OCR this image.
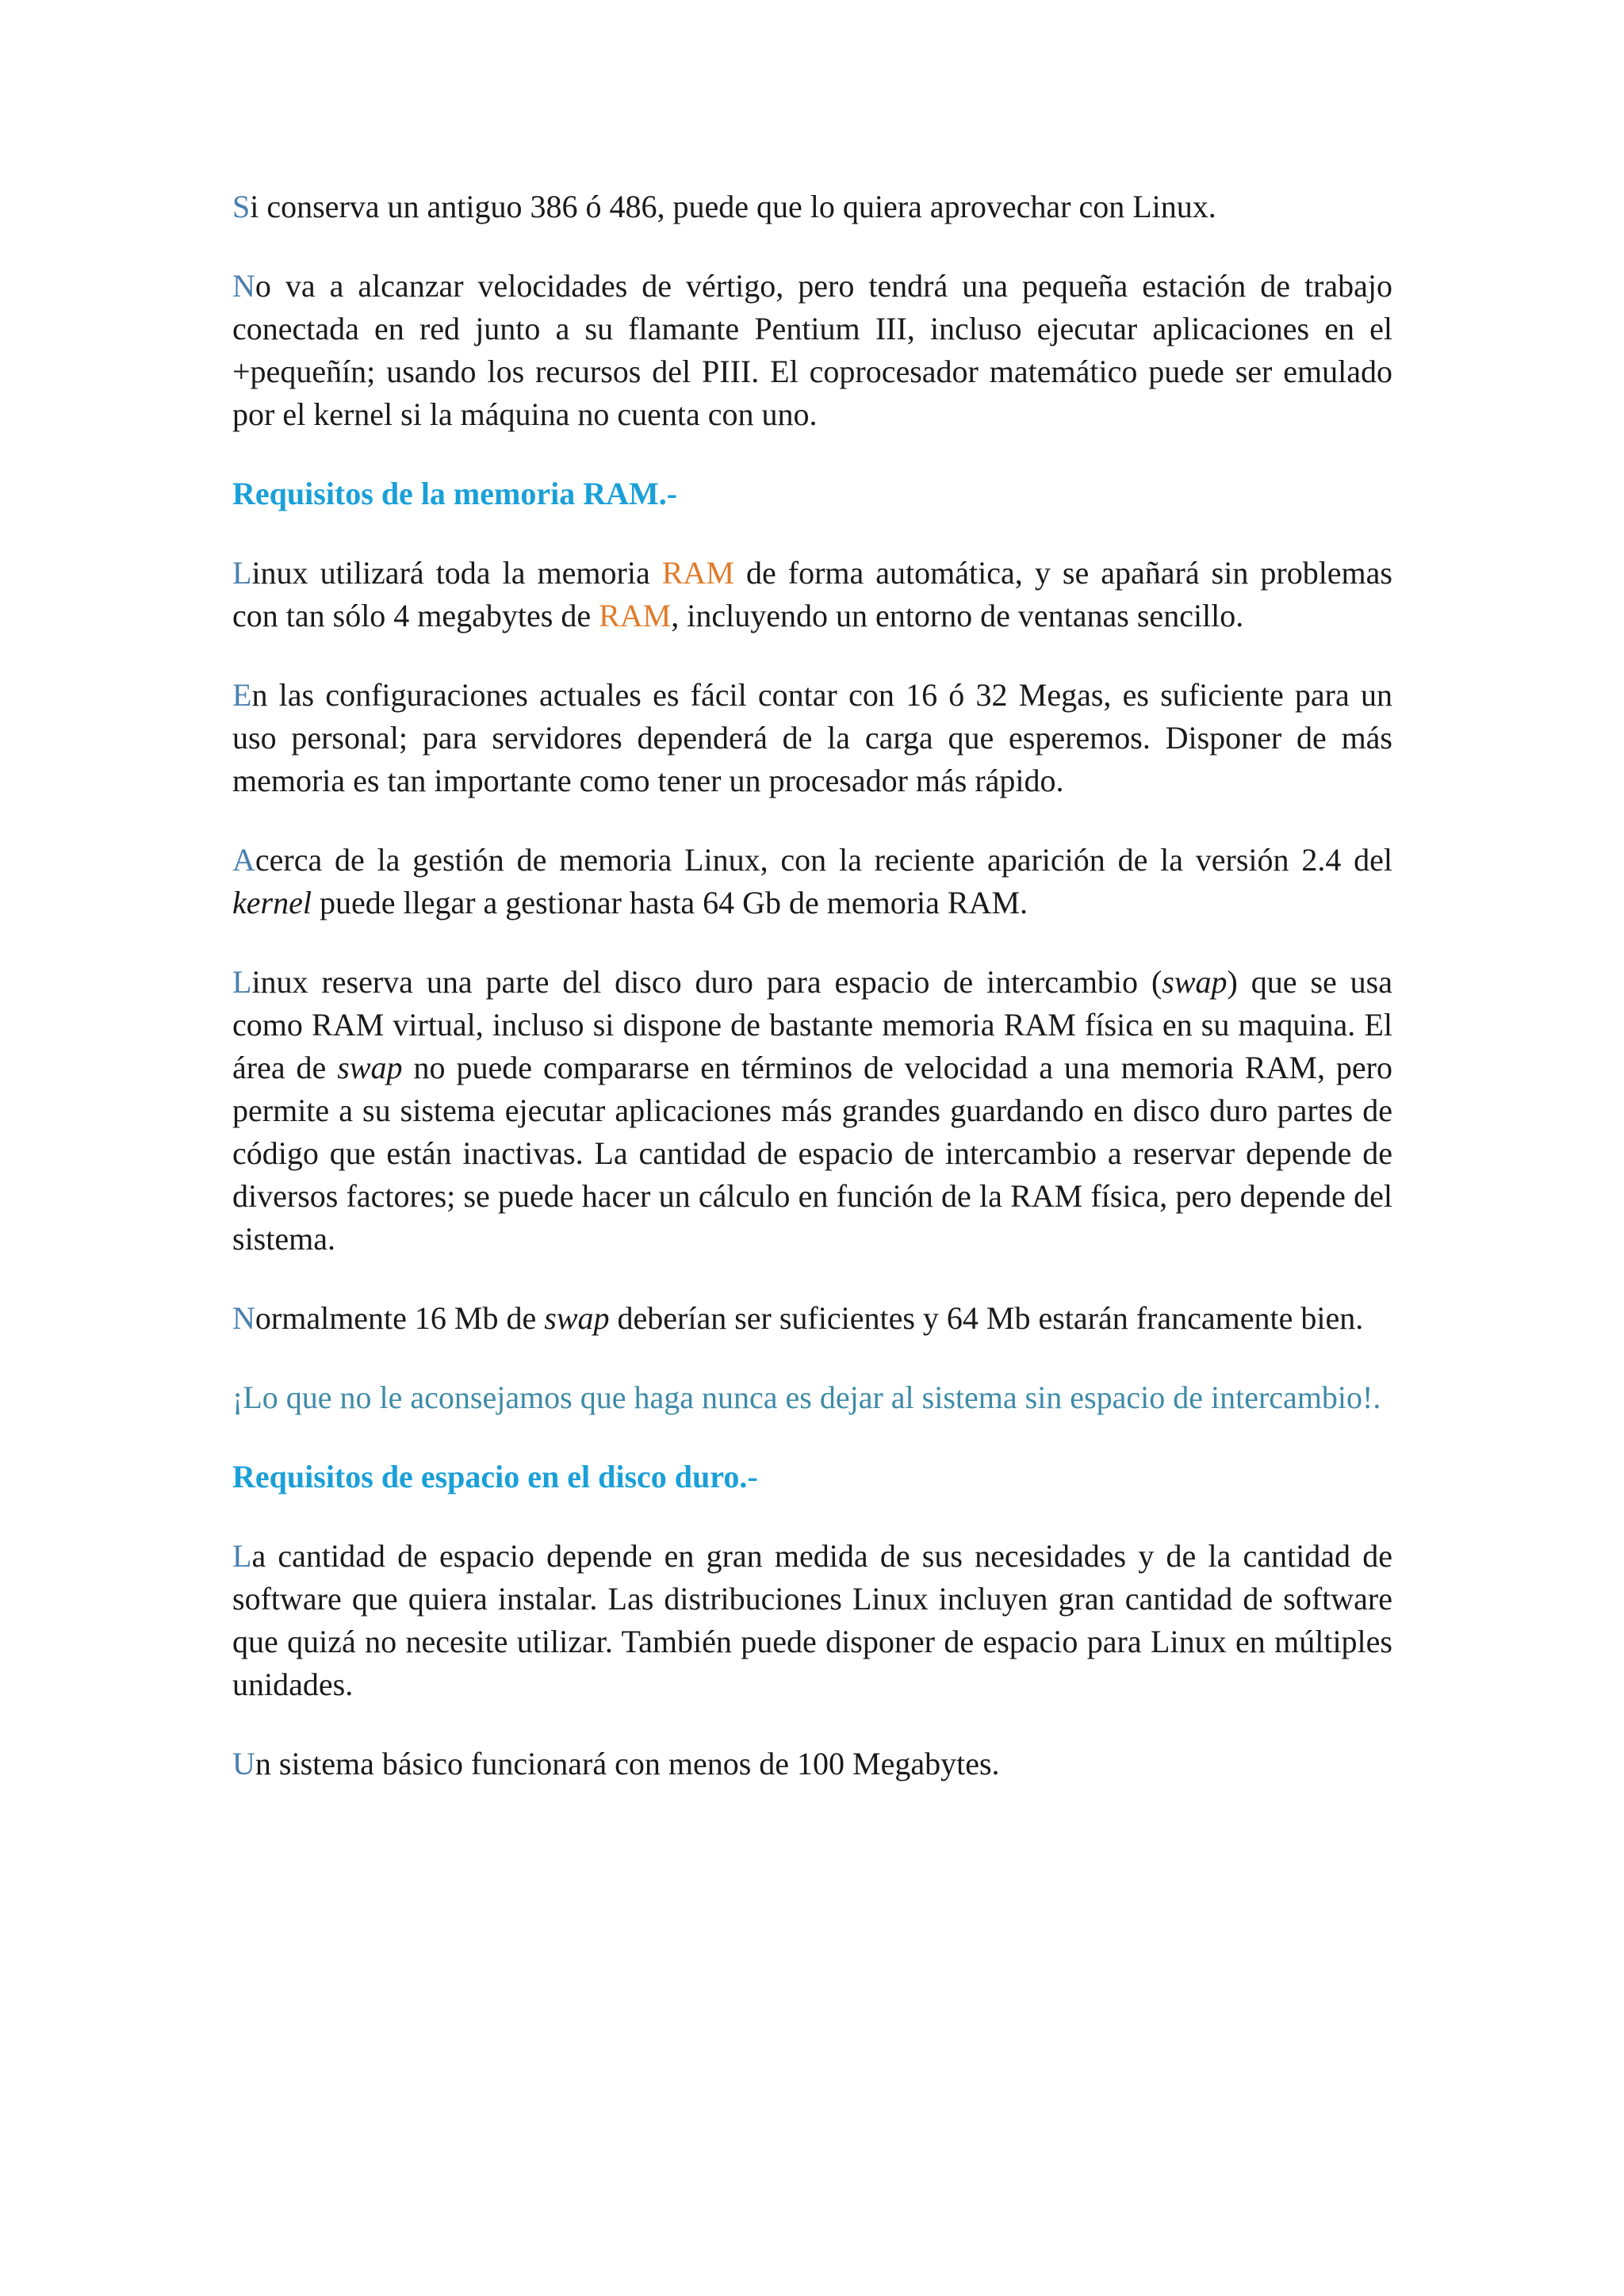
Si conserva un antiguo 386 ó 486, puede que lo quiera aprovechar con Linux.

No va a alcanzar velocidades de vértigo, pero tendrá una pequeña estación de trabajo conectada en red junto a su flamante Pentium III, incluso ejecutar aplicaciones en el +pequeñín; usando los recursos del PIII. El coprocesador matemático puede ser emulado por el kernel si la máquina no cuenta con uno.

Requisitos de la memoria RAM.-

Linux utilizará toda la memoria RAM de forma automática, y se apañará sin problemas con tan sólo 4 megabytes de RAM, incluyendo un entorno de ventanas sencillo.

En las configuraciones actuales es fácil contar con 16 ó 32 Megas, es suficiente para un uso personal; para servidores dependerá de la carga que esperemos. Disponer de más memoria es tan importante como tener un procesador más rápido.

Acerca de la gestión de memoria Linux, con la reciente aparición de la versión 2.4 del kernel puede llegar a gestionar hasta 64 Gb de memoria RAM.

Linux reserva una parte del disco duro para espacio de intercambio (swap) que se usa como RAM virtual, incluso si dispone de bastante memoria RAM física en su maquina. El área de swap no puede compararse en términos de velocidad a una memoria RAM, pero permite a su sistema ejecutar aplicaciones más grandes guardando en disco duro partes de código que están inactivas. La cantidad de espacio de intercambio a reservar depende de diversos factores; se puede hacer un cálculo en función de la RAM física, pero depende del sistema.

Normalmente 16 Mb de swap deberían ser suficientes y 64 Mb estarán francamente bien.

¡Lo que no le aconsejamos que haga nunca es dejar al sistema sin espacio de intercambio!.

Requisitos de espacio en el disco duro.-

La cantidad de espacio depende en gran medida de sus necesidades y de la cantidad de software que quiera instalar. Las distribuciones Linux incluyen gran cantidad de software que quizá no necesite utilizar. También puede disponer de espacio para Linux en múltiples unidades.

Un sistema básico funcionará con menos de 100 Megabytes.
